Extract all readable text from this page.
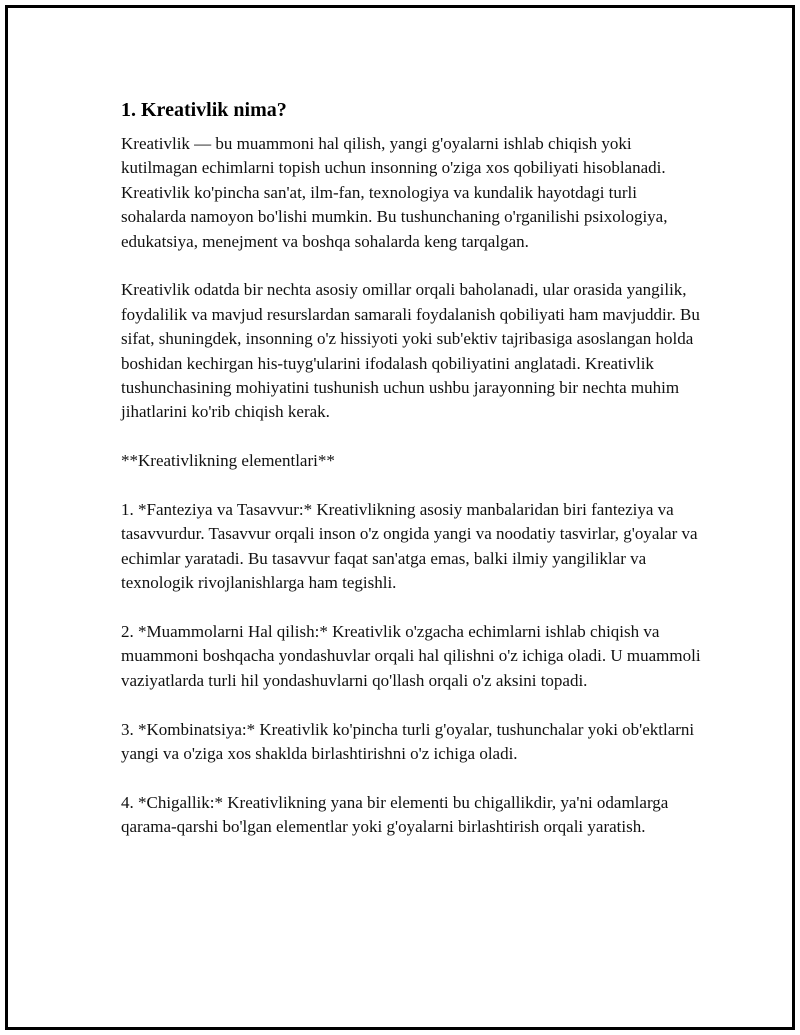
1. Kreativlik nima?

Kreativlik — bu muammoni hal qilish, yangi g'oyalarni ishlab chiqish yoki kutilmagan echimlarni topish uchun insonning o'ziga xos qobiliyati hisoblanadi. Kreativlik ko'pincha san'at, ilm-fan, texnologiya va kundalik hayotdagi turli sohalarda namoyon bo'lishi mumkin. Bu tushunchaning o'rganilishi psixologiya, edukatsiya, menejment va boshqa sohalarda keng tarqalgan.

Kreativlik odatda bir nechta asosiy omillar orqali baholanadi, ular orasida yangilik, foydalilik va mavjud resurslardan samarali foydalanish qobiliyati ham mavjuddir. Bu sifat, shuningdek, insonning o'z hissiyoti yoki sub'ektiv tajribasiga asoslangan holda boshidan kechirgan his-tuyg'ularini ifodalash qobiliyatini anglatadi. Kreativlik tushunchasining mohiyatini tushunish uchun ushbu jarayonning bir nechta muhim jihatlarini ko'rib chiqish kerak.

**Kreativlikning elementlari**

1. *Fanteziya va Tasavvur:* Kreativlikning asosiy manbalaridan biri fanteziya va tasavvurdur. Tasavvur orqali inson o'z ongida yangi va noodatiy tasvirlar, g'oyalar va echimlar yaratadi. Bu tasavvur faqat san'atga emas, balki ilmiy yangiliklar va texnologik rivojlanishlarga ham tegishli.

2. *Muammolarni Hal qilish:* Kreativlik o'zgacha echimlarni ishlab chiqish va muammoni boshqacha yondashuvlar orqali hal qilishni o'z ichiga oladi. U muammoli vaziyatlarda turli hil yondashuvlarni qo'llash orqali o'z aksini topadi.

3. *Kombinatsiya:* Kreativlik ko'pincha turli g'oyalar, tushunchalar yoki ob'ektlarni yangi va o'ziga xos shaklda birlashtirishni o'z ichiga oladi.

4. *Chigallik:* Kreativlikning yana bir elementi bu chigallikdir, ya'ni odamlarga qarama-qarshi bo'lgan elementlar yoki g'oyalarni birlashtirish orqali yaratish.
